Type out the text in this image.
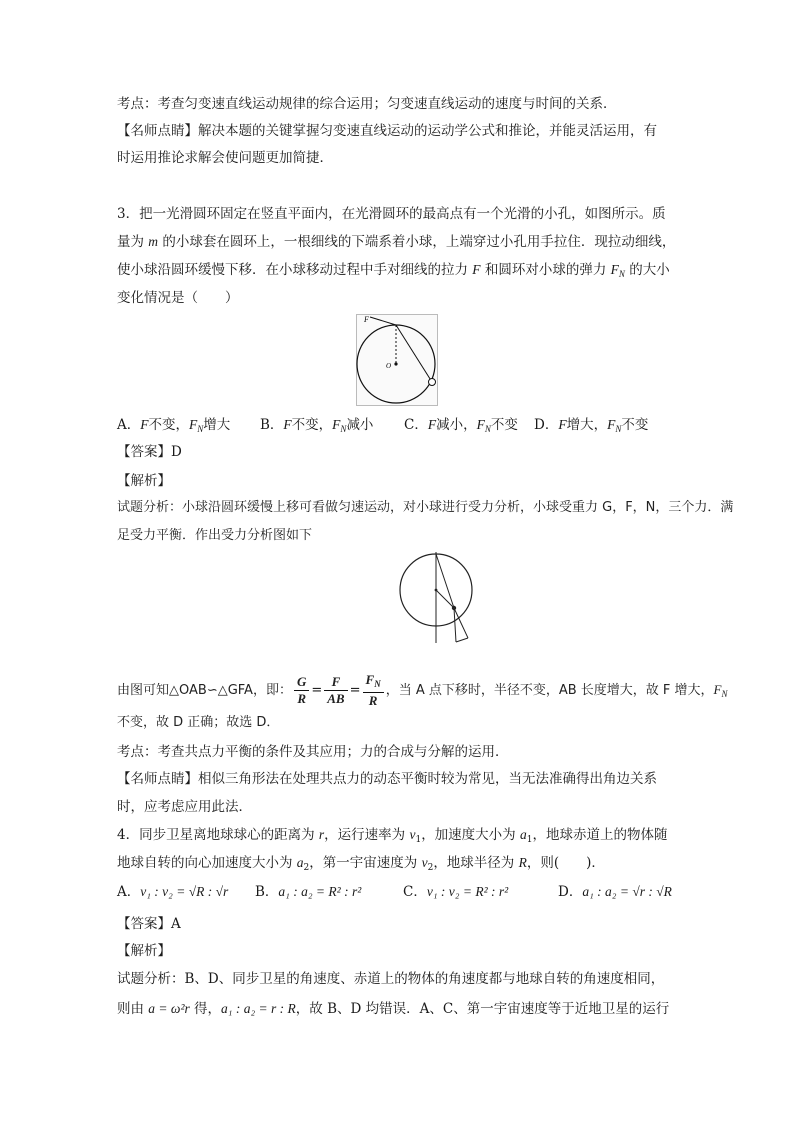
考点：考查匀变速直线运动规律的综合运用；匀变速直线运动的速度与时间的关系．
【名师点睛】解决本题的关键掌握匀变速直线运动的运动学公式和推论，并能灵活运用，有
时运用推论求解会使问题更加简捷．
3．把一光滑圆环固定在竖直平面内，在光滑圆环的最高点有一个光滑的小孔，如图所示。质
量为 m 的小球套在圆环上，一根细线的下端系着小球，上端穿过小孔用手拉住．现拉动细线，
使小球沿圆环缓慢下移．在小球移动过程中手对细线的拉力 F 和圆环对小球的弹力 $F_N$ 的大小
变化情况是（　　）
F
O
A．F不变，$F_N$增大 B．F不变，$F_N$减小 C．F减小，$F_N$不变 D．F增大，$F_N$不变
【答案】D
【解析】
试题分析：小球沿圆环缓慢上移可看做匀速运动，对小球进行受力分析，小球受重力 G，F，N，三个力．满
足受力平衡．作出受力分析图如下
由图可知△OAB∽△GFA，即： $\frac{G}{R} = \frac{F}{AB} = \frac{F_N}{R}$ ，当 A 点下移时，半径不变，AB 长度增大，故 F 增大，$F_N$
不变，故 D 正确；故选 D．
考点：考查共点力平衡的条件及其应用；力的合成与分解的运用．
【名师点睛】相似三角形法在处理共点力的动态平衡时较为常见，当无法准确得出角边关系
时，应考虑应用此法．
4．同步卫星离地球球心的距离为 r，运行速率为 $v_1$，加速度大小为 $a_1$，地球赤道上的物体随
地球自转的向心加速度大小为 $a_2$，第一宇宙速度为 $v_2$，地球半径为 R，则(　　)．
A．v₁ : v₂ = √R : √r B．a₁ : a₂ = R² : r²	C．v₁ : v₂ = R² : r²	D．a₁ : a₂ = √r : √R
【答案】A
【解析】
试题分析：B、D、同步卫星的角速度、赤道上的物体的角速度都与地球自转的角速度相同，
则由 a = ω²r 得，a₁ : a₂ = r : R，故 B、D 均错误．A、C、第一宇宙速度等于近地卫星的运行
